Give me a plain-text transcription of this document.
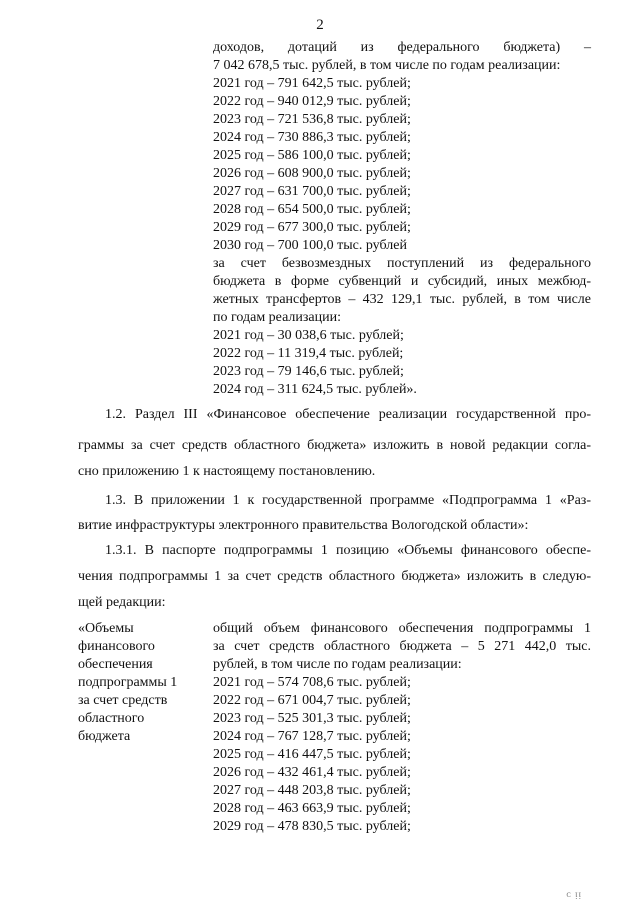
2
доходов, дотаций из федерального бюджета) –
7 042 678,5 тыс. рублей, в том числе по годам реализации:
2021 год – 791 642,5 тыс. рублей;
2022 год – 940 012,9 тыс. рублей;
2023 год – 721 536,8 тыс. рублей;
2024 год – 730 886,3 тыс. рублей;
2025 год – 586 100,0 тыс. рублей;
2026 год – 608 900,0 тыс. рублей;
2027 год – 631 700,0 тыс. рублей;
2028 год – 654 500,0 тыс. рублей;
2029 год – 677 300,0 тыс. рублей;
2030 год – 700 100,0 тыс. рублей
за счет безвозмездных поступлений из федерального
бюджета в форме субвенций и субсидий, иных межбюд-
жетных трансфертов – 432 129,1 тыс. рублей, в том числе
по годам реализации:
2021 год – 30 038,6 тыс. рублей;
2022 год – 11 319,4 тыс. рублей;
2023 год – 79 146,6 тыс. рублей;
2024 год – 311 624,5 тыс. рублей».
1.2. Раздел III «Финансовое обеспечение реализации государственной про-
граммы за счет средств областного бюджета» изложить в новой редакции согла-
сно приложению 1 к настоящему постановлению.
1.3. В приложении 1 к государственной программе «Подпрограмма 1 «Раз-
витие инфраструктуры электронного правительства Вологодской области»:
1.3.1. В паспорте подпрограммы 1 позицию «Объемы финансового обеспе-
чения подпрограммы 1 за счет средств областного бюджета» изложить в следую-
щей редакции:
«Объемы
финансового
обеспечения
подпрограммы 1
за счет средств
областного
бюджета
общий объем финансового обеспечения подпрограммы 1
за счет средств областного бюджета – 5 271 442,0 тыс.
рублей, в том числе по годам реализации:
2021 год – 574 708,6 тыс. рублей;
2022 год – 671 004,7 тыс. рублей;
2023 год – 525 301,3 тыс. рублей;
2024 год – 767 128,7 тыс. рублей;
2025 год – 416 447,5 тыс. рублей;
2026 год – 432 461,4 тыс. рублей;
2027 год – 448 203,8 тыс. рублей;
2028 год – 463 663,9 тыс. рублей;
2029 год – 478 830,5 тыс. рублей;
ᴄ ᴉᴉ
